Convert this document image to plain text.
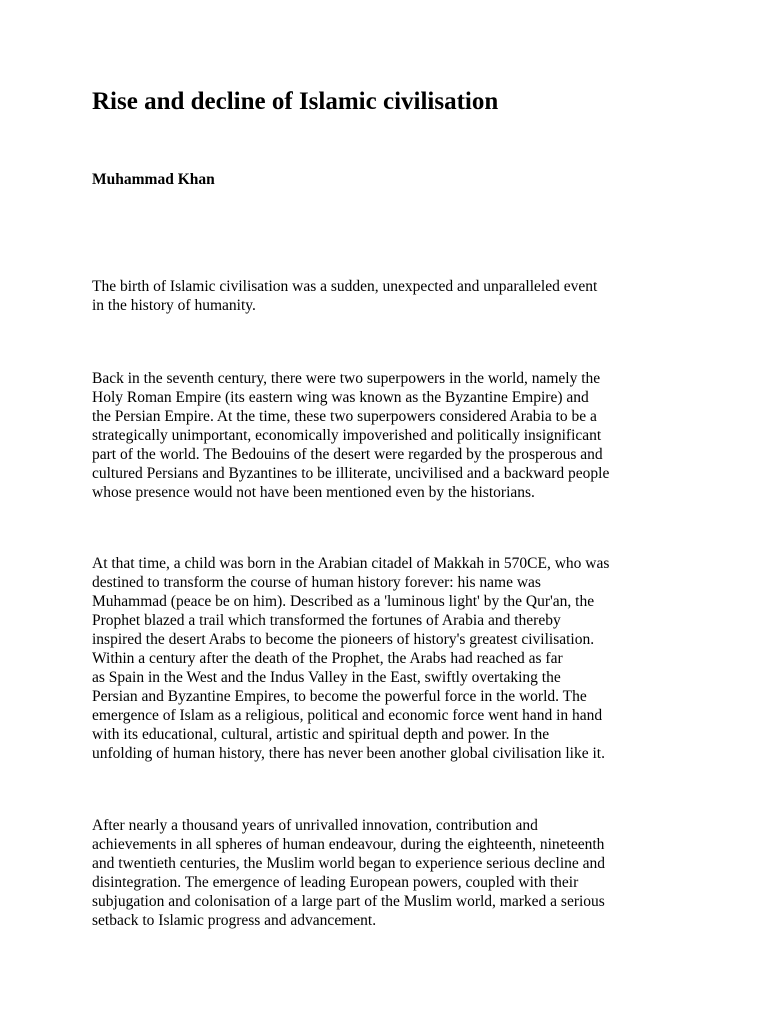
Rise and decline of Islamic civilisation
Muhammad Khan

The birth of Islamic civilisation was a sudden, unexpected and unparalleled event
in the history of humanity.

Back in the seventh century, there were two superpowers in the world, namely the
Holy Roman Empire (its eastern wing was known as the Byzantine Empire) and
the Persian Empire. At the time, these two superpowers considered Arabia to be a
strategically unimportant, economically impoverished and politically insignificant
part of the world. The Bedouins of the desert were regarded by the prosperous and
cultured Persians and Byzantines to be illiterate, uncivilised and a backward people
whose presence would not have been mentioned even by the historians.

At that time, a child was born in the Arabian citadel of Makkah in 570CE, who was
destined to transform the course of human history forever: his name was
Muhammad (peace be on him). Described as a 'luminous light' by the Qur'an, the
Prophet blazed a trail which transformed the fortunes of Arabia and thereby
inspired the desert Arabs to become the pioneers of history's greatest civilisation.
Within a century after the death of the Prophet, the Arabs had reached as far
as Spain in the West and the Indus Valley in the East, swiftly overtaking the
Persian and Byzantine Empires, to become the powerful force in the world. The
emergence of Islam as a religious, political and economic force went hand in hand
with its educational, cultural, artistic and spiritual depth and power. In the
unfolding of human history, there has never been another global civilisation like it.

After nearly a thousand years of unrivalled innovation, contribution and
achievements in all spheres of human endeavour, during the eighteenth, nineteenth
and twentieth centuries, the Muslim world began to experience serious decline and
disintegration. The emergence of leading European powers, coupled with their
subjugation and colonisation of a large part of the Muslim world, marked a serious
setback to Islamic progress and advancement.
